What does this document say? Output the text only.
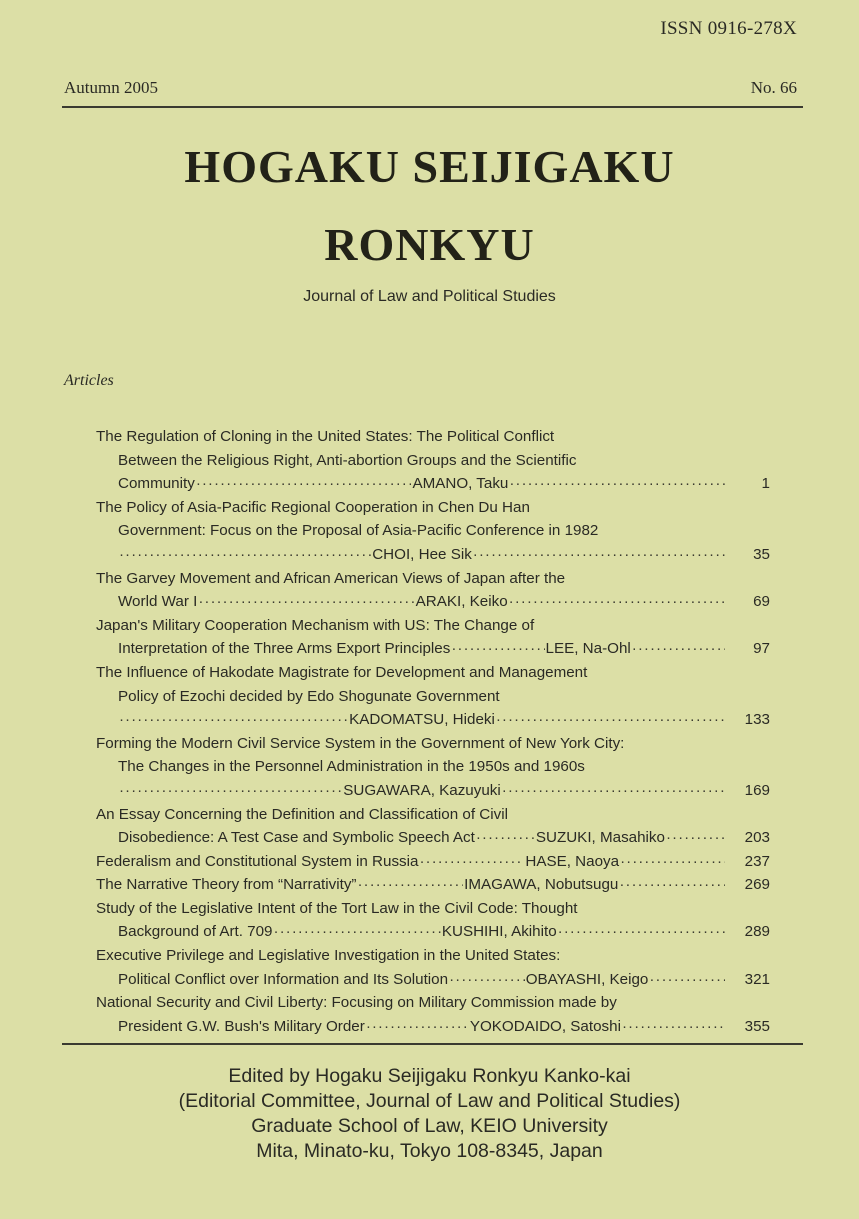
ISSN 0916-278X
Autumn 2005	No. 66
HOGAKU SEIJIGAKU
RONKYU
Journal of Law and Political Studies
Articles
The Regulation of Cloning in the United States: The Political Conflict
Between the Religious Right, Anti-abortion Groups and the Scientific
Community ·····	AMANO, Taku ·····	1
The Policy of Asia-Pacific Regional Cooperation in Chen Du Han
Government: Focus on the Proposal of Asia-Pacific Conference in 1982
·····
CHOI, Hee Sik ·····	35
The Garvey Movement and African American Views of Japan after the
World War I ·····	ARAKI, Keiko ·····	69
Japan's Military Cooperation Mechanism with US: The Change of
Interpretation of the Three Arms Export Principles ·····	LEE, Na-Ohl ·····	97
The Influence of Hakodate Magistrate for Development and Management
Policy of Ezochi decided by Edo Shogunate Government
·····
KADOMATSU, Hideki ·····	133
Forming the Modern Civil Service System in the Government of New York City:
The Changes in the Personnel Administration in the 1950s and 1960s
·····
SUGAWARA, Kazuyuki ·····	169
An Essay Concerning the Definition and Classification of Civil
Disobedience: A Test Case and Symbolic Speech Act ·····	SUZUKI, Masahiko ·····	203
Federalism and Constitutional System in Russia ·····	HASE, Naoya ·····	237
The Narrative Theory from “Narrativity” ·····	IMAGAWA, Nobutsugu ·····	269
Study of the Legislative Intent of the Tort Law in the Civil Code: Thought
Background of Art. 709 ·····	KUSHIHI, Akihito ·····	289
Executive Privilege and Legislative Investigation in the United States:
Political Conflict over Information and Its Solution ·····	OBAYASHI, Keigo ·····	321
National Security and Civil Liberty: Focusing on Military Commission made by
President G.W. Bush's Military Order ·····	YOKODAIDO, Satoshi ·····	355
Edited by Hogaku Seijigaku Ronkyu Kanko-kai
(Editorial Committee, Journal of Law and Political Studies)
Graduate School of Law, KEIO University
Mita, Minato-ku, Tokyo 108-8345, Japan
